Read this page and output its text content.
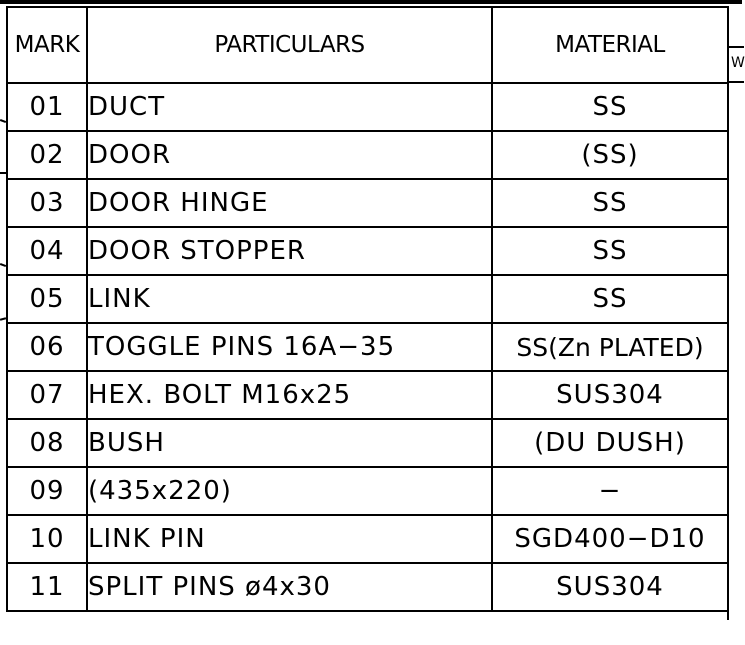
MARK	PARTICULARS	MATERIAL
01	DUCT	SS
02	DOOR	(SS)
03	DOOR HINGE	SS
04	DOOR STOPPER	SS
05	LINK	SS
06	TOGGLE PINS 16A−35	SS(Zn PLATED)
07	HEX. BOLT M16x25	SUS304
08	BUSH	(DU DUSH)
09	(435x220)	−
10	LINK PIN	SGD400−D10
11	SPLIT PINS ø4x30	SUS304
W
